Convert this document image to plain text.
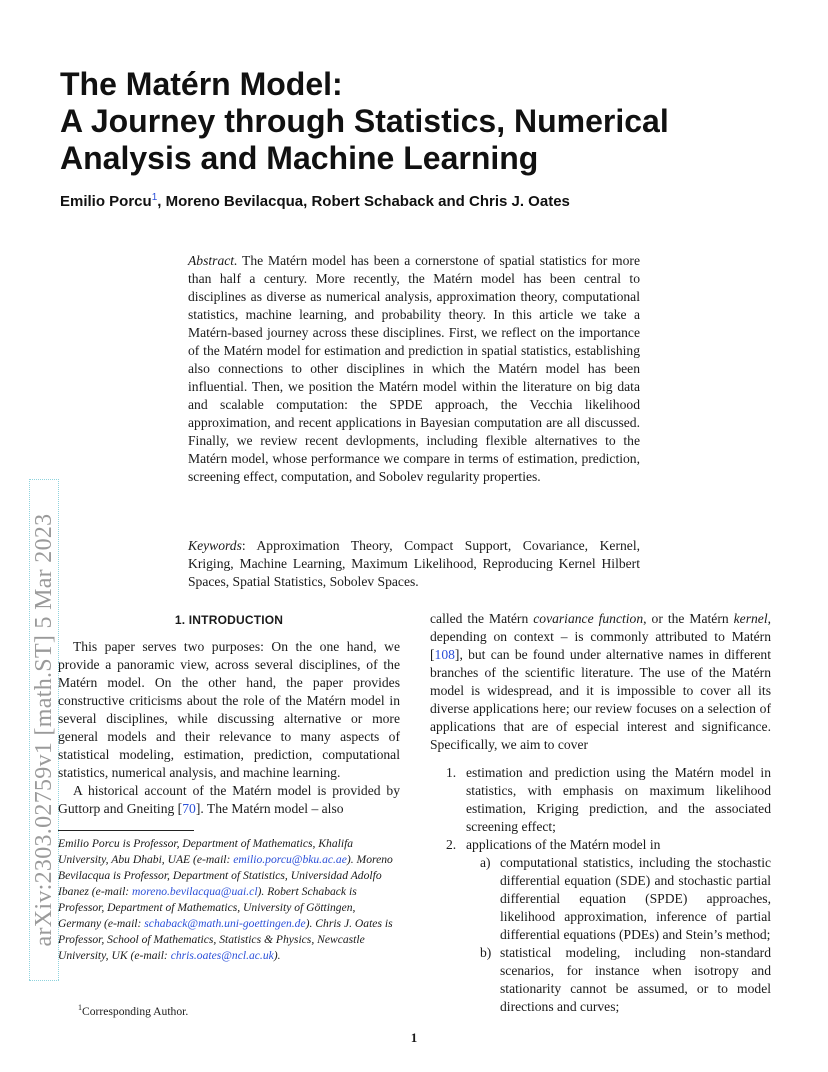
The Matérn Model:
A Journey through Statistics, Numerical
Analysis and Machine Learning
Emilio Porcu$^1$, Moreno Bevilacqua, Robert Schaback and Chris J. Oates
arXiv:2303.02759v1 [math.ST] 5 Mar 2023

Abstract. The Matérn model has been a cornerstone of spatial statistics for more than half a century. More recently, the Matérn model has been central to disciplines as diverse as numerical analysis, approximation theory, computational statistics, machine learning, and probability theory. In this article we take a Matérn-based journey across these disciplines. First, we reflect on the importance of the Matérn model for estimation and prediction in spatial statistics, establishing also connections to other disciplines in which the Matérn model has been influential. Then, we position the Matérn model within the literature on big data and scalable computation: the SPDE approach, the Vecchia likelihood approximation, and recent applications in Bayesian computation are all discussed. Finally, we review recent devlopments, including flexible alternatives to the Matérn model, whose performance we compare in terms of estimation, prediction, screening effect, computation, and Sobolev regularity properties.

Keywords: Approximation Theory, Compact Support, Covariance, Kernel, Kriging, Machine Learning, Maximum Likelihood, Reproducing Kernel Hilbert Spaces, Spatial Statistics, Sobolev Spaces.

1. INTRODUCTION

This paper serves two purposes: On the one hand, we provide a panoramic view, across several disciplines, of the Matérn model. On the other hand, the paper provides constructive criticisms about the role of the Matérn model in several disciplines, while discussing alternative or more general models and their relevance to many aspects of statistical modeling, estimation, prediction, computational statistics, numerical analysis, and machine learning.

A historical account of the Matérn model is provided by Guttorp and Gneiting [70]. The Matérn model – also

Emilio Porcu is Professor, Department of Mathematics, Khalifa University, Abu Dhabi, UAE (e-mail: emilio.porcu@bku.ac.ae). Moreno Bevilacqua is Professor, Department of Statistics, Universidad Adolfo Ibanez (e-mail: moreno.bevilacqua@uai.cl). Robert Schaback is Professor, Department of Mathematics, University of Göttingen, Germany (e-mail: schaback@math.uni-goettingen.de). Chris J. Oates is Professor, School of Mathematics, Statistics & Physics, Newcastle University, UK (e-mail: chris.oates@ncl.ac.uk).

$^1$Corresponding Author.

called the Matérn covariance function, or the Matérn kernel, depending on context – is commonly attributed to Matérn [108], but can be found under alternative names in different branches of the scientific literature. The use of the Matérn model is widespread, and it is impossible to cover all its diverse applications here; our review focuses on a selection of applications that are of especial interest and significance. Specifically, we aim to cover

1. estimation and prediction using the Matérn model in statistics, with emphasis on maximum likelihood estimation, Kriging prediction, and the associated screening effect;
2. applications of the Matérn model in
a) computational statistics, including the stochastic differential equation (SDE) and stochastic partial differential equation (SPDE) approaches, likelihood approximation, inference of partial differential equations (PDEs) and Stein’s method;
b) statistical modeling, including non-standard scenarios, for instance when isotropy and stationarity cannot be assumed, or to model directions and curves;
1
